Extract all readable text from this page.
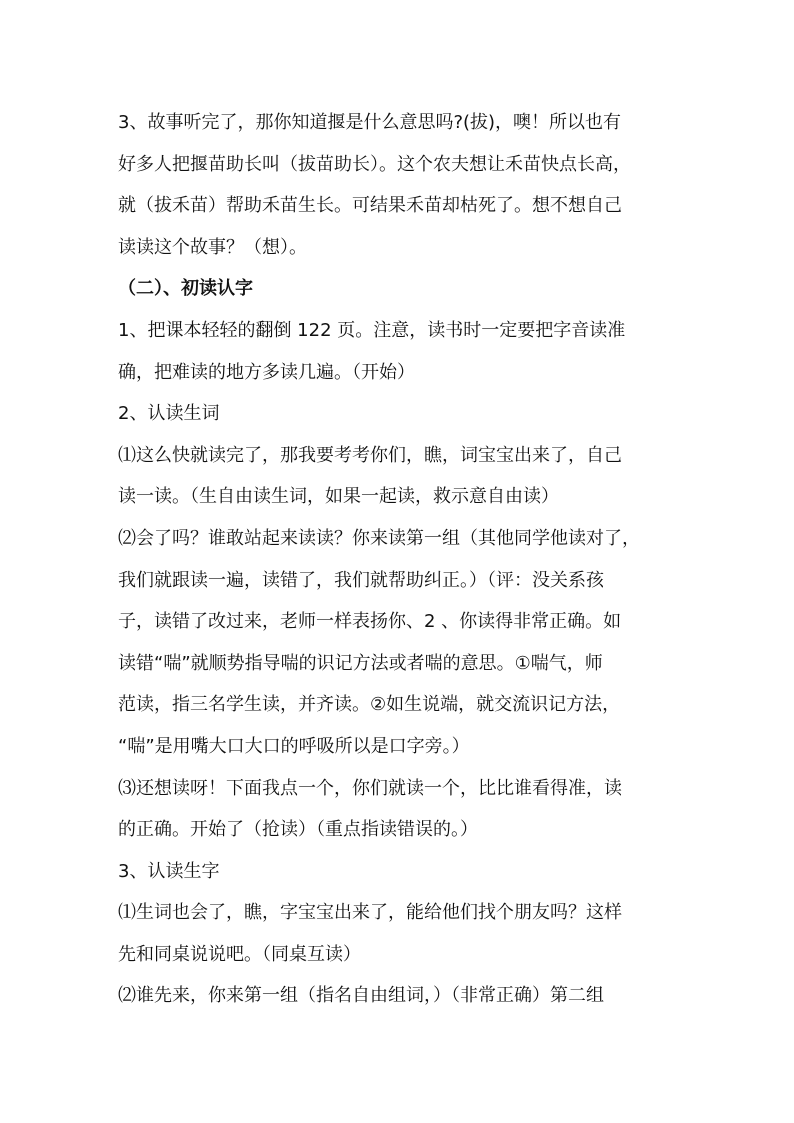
3、故事听完了，那你知道揠是什么意思吗?(拔)，噢！所以也有
好多人把揠苗助长叫（拔苗助长）。这个农夫想让禾苗快点长高，
就（拔禾苗）帮助禾苗生长。可结果禾苗却枯死了。想不想自己
读读这个故事？（想）。
（二）、初读认字
1、把课本轻轻的翻倒 122 页。注意，读书时一定要把字音读准
确，把难读的地方多读几遍。（开始）
2、认读生词
⑴这么快就读完了，那我要考考你们，瞧，词宝宝出来了，自己
读一读。（生自由读生词，如果一起读，救示意自由读）
⑵会了吗？谁敢站起来读读？你来读第一组（其他同学他读对了，
我们就跟读一遍，读错了，我们就帮助纠正。）（评：没关系孩
子，读错了改过来，老师一样表扬你、2 、你读得非常正确。如
读错“喘”就顺势指导喘的识记方法或者喘的意思。①喘气，师
范读，指三名学生读，并齐读。②如生说端，就交流识记方法，
“喘”是用嘴大口大口的呼吸所以是口字旁。）
⑶还想读呀！下面我点一个，你们就读一个，比比谁看得准，读
的正确。开始了（抢读）（重点指读错误的。）
3、认读生字
⑴生词也会了，瞧，字宝宝出来了，能给他们找个朋友吗？这样
先和同桌说说吧。（同桌互读）
⑵谁先来，你来第一组（指名自由组词，）（非常正确）第二组
